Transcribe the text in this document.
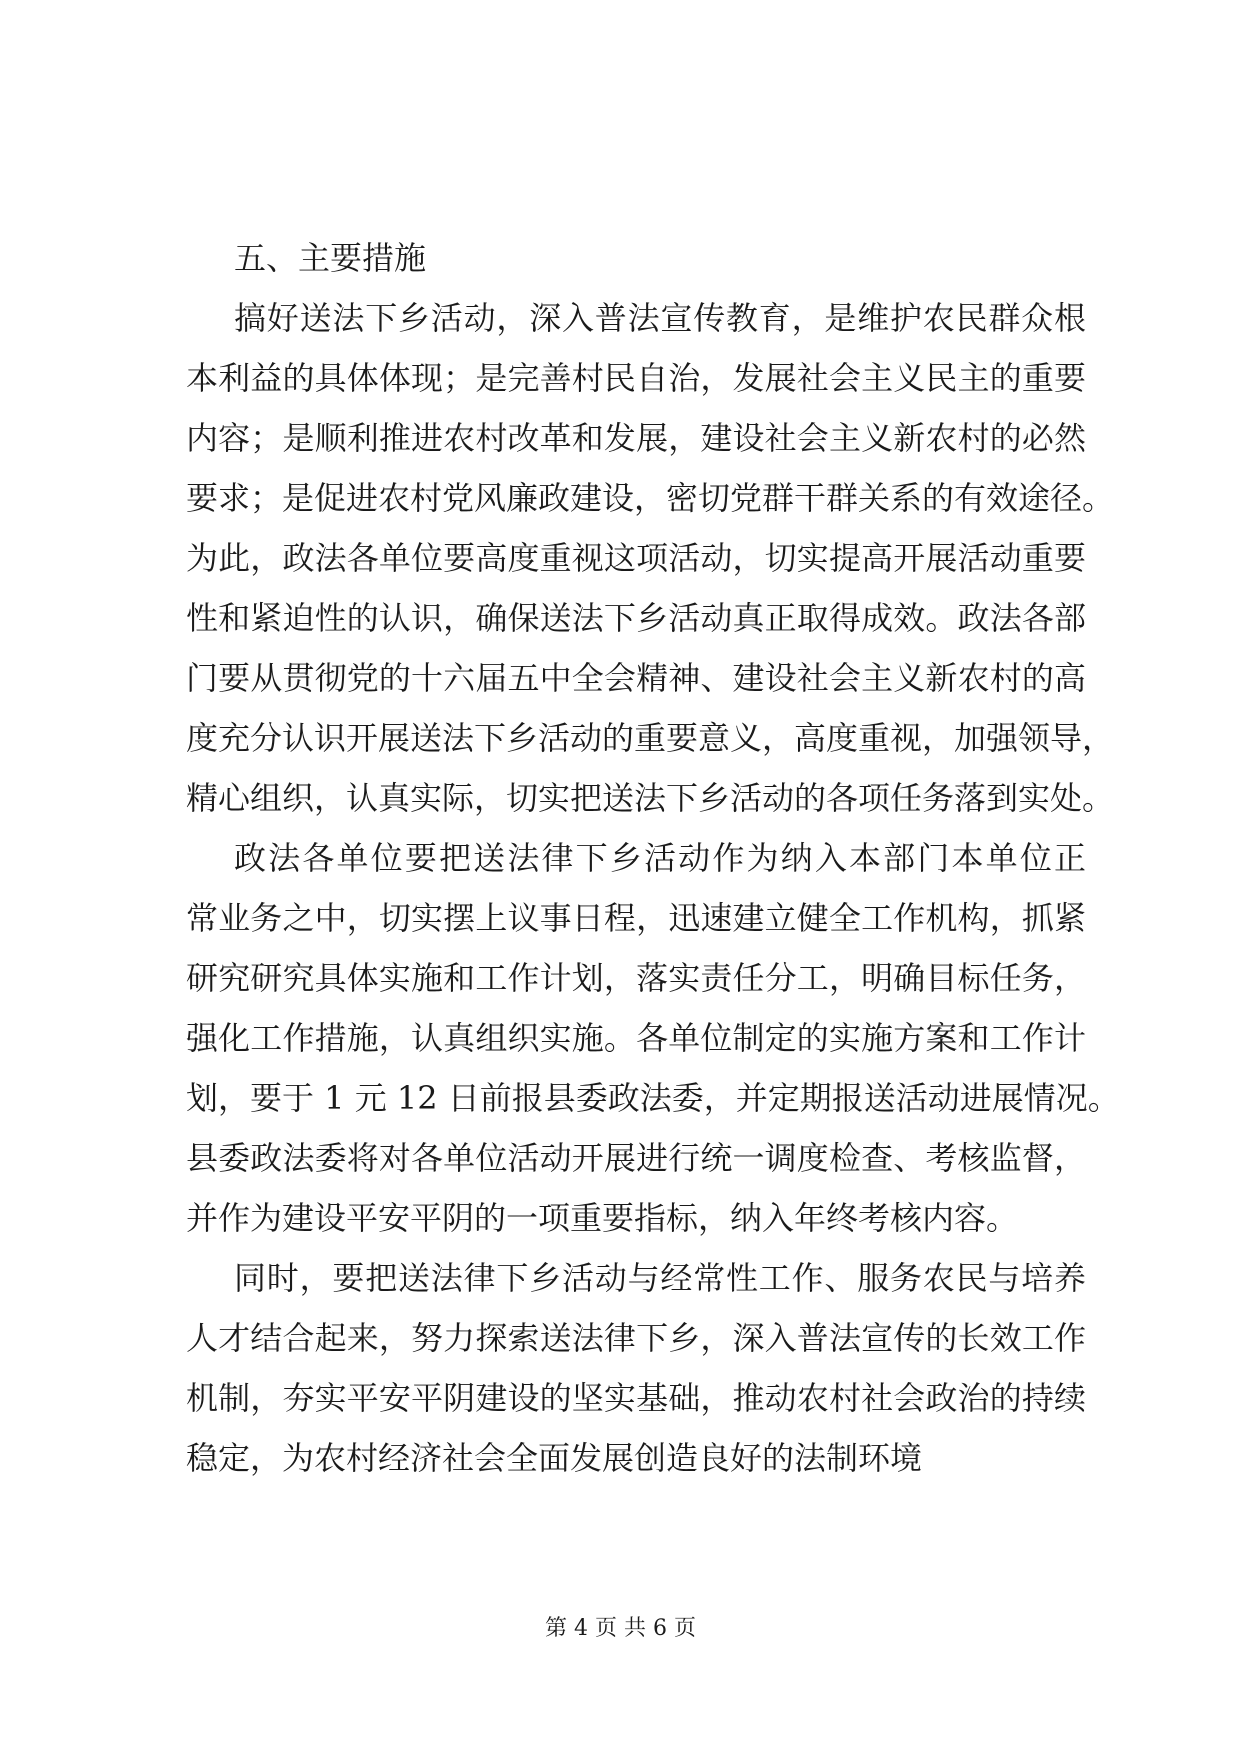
五、主要措施

搞好送法下乡活动，深入普法宣传教育，是维护农民群众根
本利益的具体体现；是完善村民自治，发展社会主义民主的重要
内容；是顺利推进农村改革和发展，建设社会主义新农村的必然
要求；是促进农村党风廉政建设，密切党群干群关系的有效途径。
为此，政法各单位要高度重视这项活动，切实提高开展活动重要
性和紧迫性的认识，确保送法下乡活动真正取得成效。政法各部
门要从贯彻党的十六届五中全会精神、建设社会主义新农村的高
度充分认识开展送法下乡活动的重要意义，高度重视，加强领导，
精心组织，认真实际，切实把送法下乡活动的各项任务落到实处。
政法各单位要把送法律下乡活动作为纳入本部门本单位正
常业务之中，切实摆上议事日程，迅速建立健全工作机构，抓紧
研究研究具体实施和工作计划，落实责任分工，明确目标任务，
强化工作措施，认真组织实施。各单位制定的实施方案和工作计
划，要于 1 元 12 日前报县委政法委，并定期报送活动进展情况。
县委政法委将对各单位活动开展进行统一调度检查、考核监督，
并作为建设平安平阴的一项重要指标，纳入年终考核内容。
同时，要把送法律下乡活动与经常性工作、服务农民与培养
人才结合起来，努力探索送法律下乡，深入普法宣传的长效工作
机制，夯实平安平阴建设的坚实基础，推动农村社会政治的持续
稳定，为农村经济社会全面发展创造良好的法制环境
第 4 页 共 6 页
